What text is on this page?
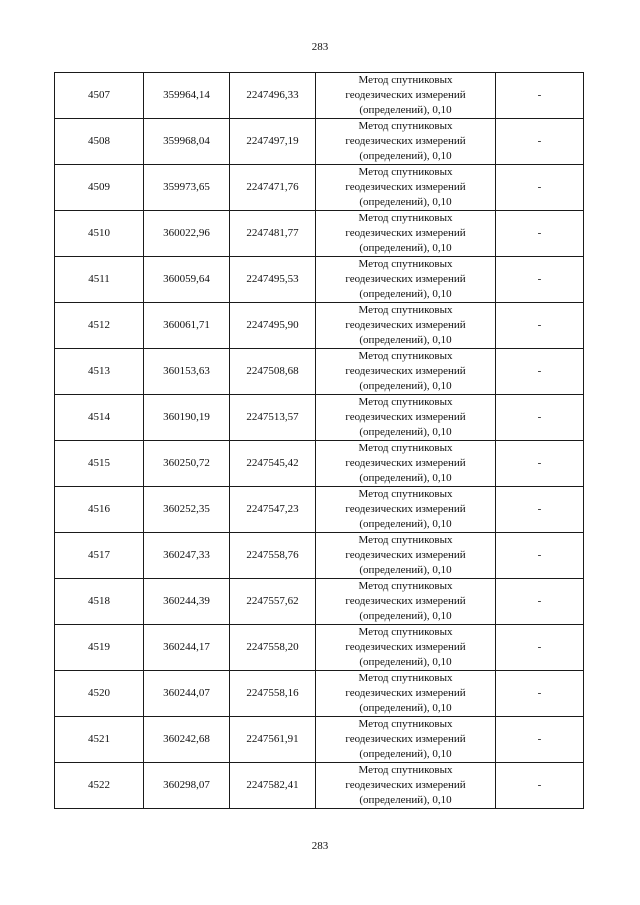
283
4507	359964,14	2247496,33	Метод спутниковых
геодезических измерений
(определений), 0,10	-
4508	359968,04	2247497,19	Метод спутниковых
геодезических измерений
(определений), 0,10	-
4509	359973,65	2247471,76	Метод спутниковых
геодезических измерений
(определений), 0,10	-
4510	360022,96	2247481,77	Метод спутниковых
геодезических измерений
(определений), 0,10	-
4511	360059,64	2247495,53	Метод спутниковых
геодезических измерений
(определений), 0,10	-
4512	360061,71	2247495,90	Метод спутниковых
геодезических измерений
(определений), 0,10	-
4513	360153,63	2247508,68	Метод спутниковых
геодезических измерений
(определений), 0,10	-
4514	360190,19	2247513,57	Метод спутниковых
геодезических измерений
(определений), 0,10	-
4515	360250,72	2247545,42	Метод спутниковых
геодезических измерений
(определений), 0,10	-
4516	360252,35	2247547,23	Метод спутниковых
геодезических измерений
(определений), 0,10	-
4517	360247,33	2247558,76	Метод спутниковых
геодезических измерений
(определений), 0,10	-
4518	360244,39	2247557,62	Метод спутниковых
геодезических измерений
(определений), 0,10	-
4519	360244,17	2247558,20	Метод спутниковых
геодезических измерений
(определений), 0,10	-
4520	360244,07	2247558,16	Метод спутниковых
геодезических измерений
(определений), 0,10	-
4521	360242,68	2247561,91	Метод спутниковых
геодезических измерений
(определений), 0,10	-
4522	360298,07	2247582,41	Метод спутниковых
геодезических измерений
(определений), 0,10	-
283
